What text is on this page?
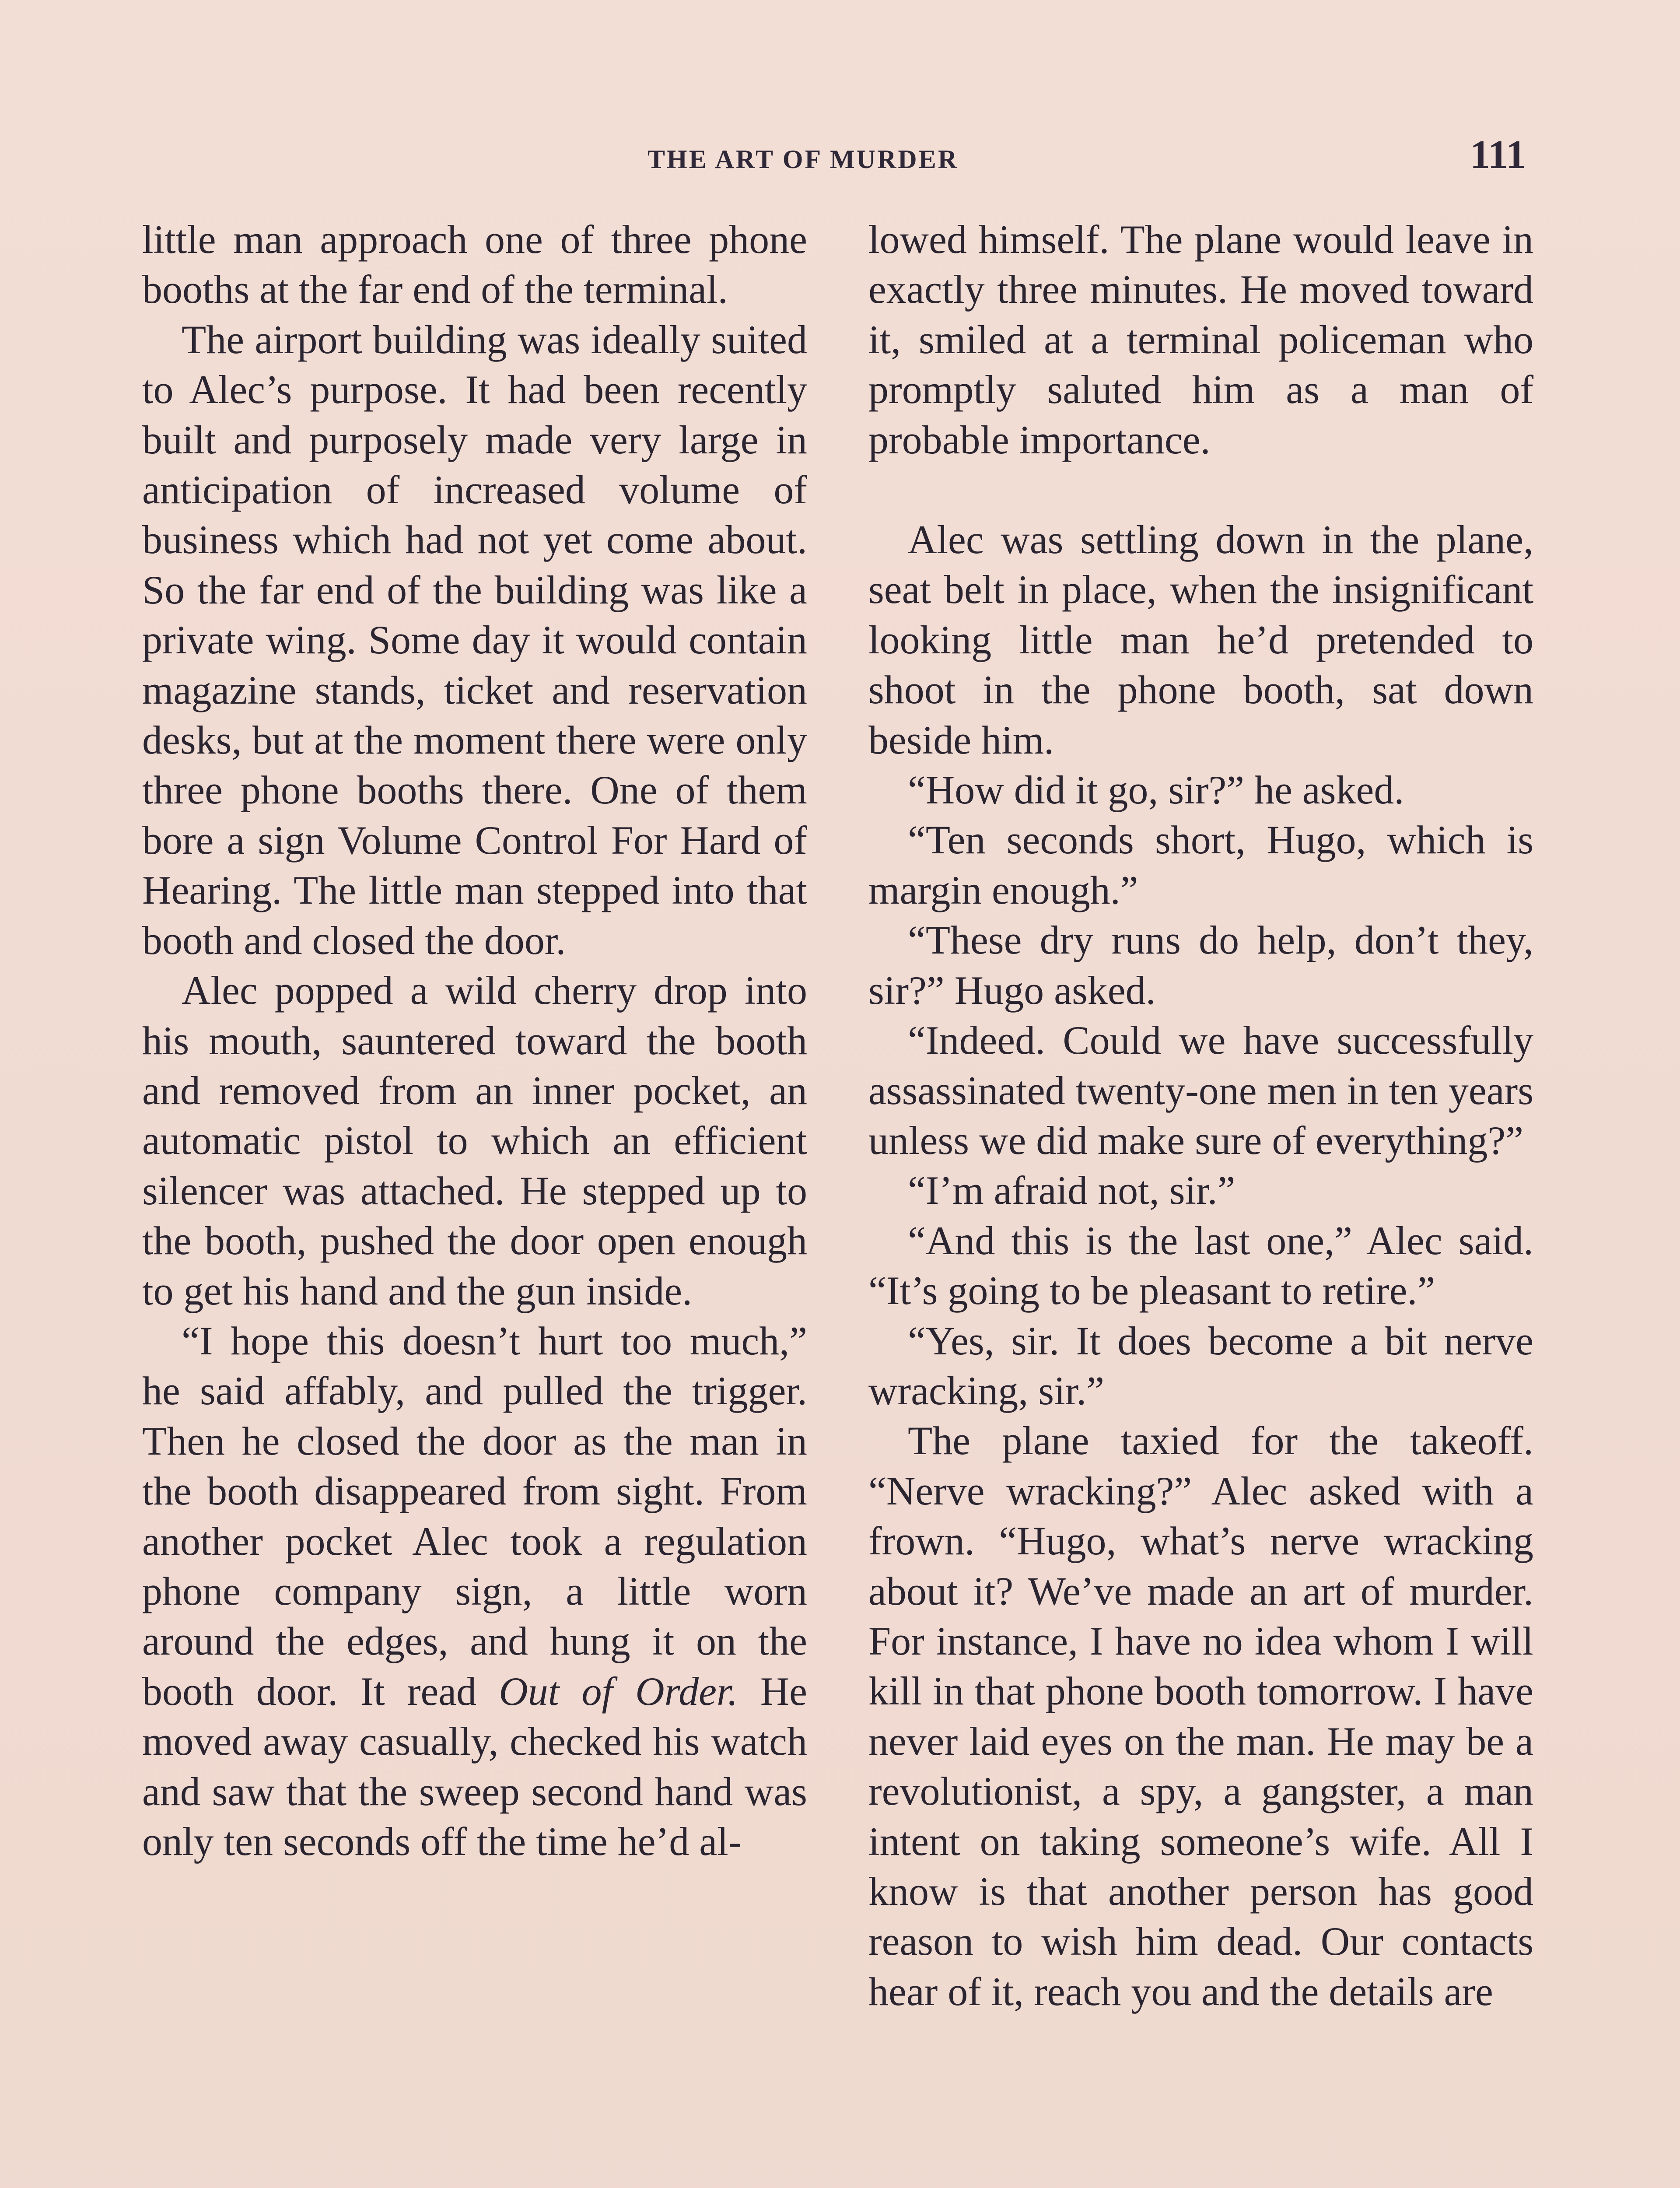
THE ART OF MURDER	111

little man approach one of three phone booths at the far end of the terminal.

The airport building was ideally suited to Alec’s purpose. It had been recently built and purposely made very large in anticipation of increased volume of business which had not yet come about. So the far end of the building was like a private wing. Some day it would contain magazine stands, ticket and reservation desks, but at the moment there were only three phone booths there. One of them bore a sign Volume Control For Hard of Hearing. The little man stepped into that booth and closed the door.

Alec popped a wild cherry drop into his mouth, sauntered toward the booth and removed from an inner pocket, an automatic pistol to which an efficient silencer was attached. He stepped up to the booth, pushed the door open enough to get his hand and the gun inside.

“I hope this doesn’t hurt too much,” he said affably, and pulled the trigger. Then he closed the door as the man in the booth disappeared from sight. From another pocket Alec took a regulation phone company sign, a little worn around the edges, and hung it on the booth door. It read Out of Order. He moved away casually, checked his watch and saw that the sweep second hand was only ten seconds off the time he’d al-

lowed himself. The plane would leave in exactly three minutes. He moved toward it, smiled at a terminal policeman who promptly saluted him as a man of probable importance.

Alec was settling down in the plane, seat belt in place, when the insignificant looking little man he’d pretended to shoot in the phone booth, sat down beside him.

“How did it go, sir?” he asked.

“Ten seconds short, Hugo, which is margin enough.”

“These dry runs do help, don’t they, sir?” Hugo asked.

“Indeed. Could we have successfully assassinated twenty-one men in ten years unless we did make sure of everything?”

“I’m afraid not, sir.”

“And this is the last one,” Alec said. “It’s going to be pleasant to retire.”

“Yes, sir. It does become a bit nerve wracking, sir.”

The plane taxied for the takeoff. “Nerve wracking?” Alec asked with a frown. “Hugo, what’s nerve wracking about it? We’ve made an art of murder. For instance, I have no idea whom I will kill in that phone booth tomorrow. I have never laid eyes on the man. He may be a revolutionist, a spy, a gangster, a man intent on taking someone’s wife. All I know is that another person has good reason to wish him dead. Our contacts hear of it, reach you and the details are
